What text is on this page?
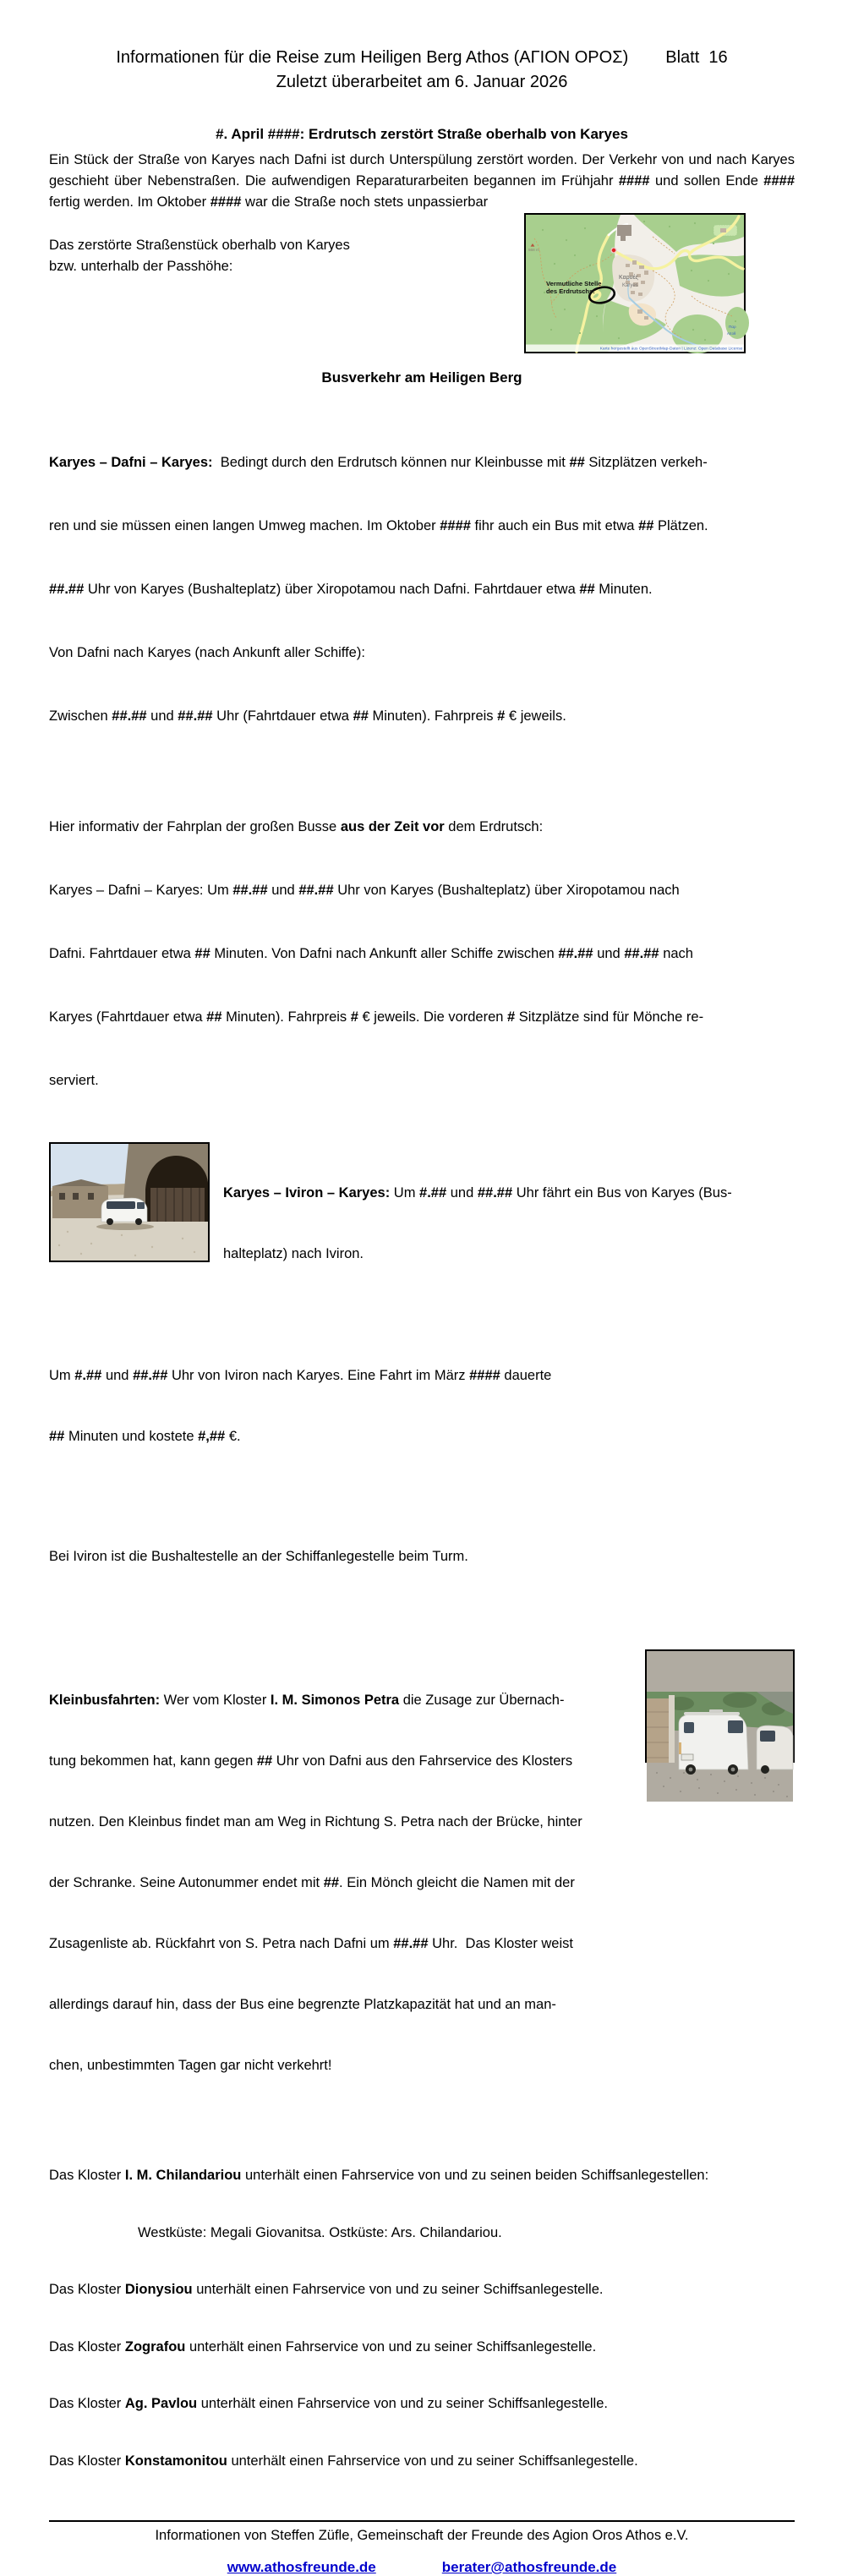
Informationen für die Reise zum Heiligen Berg Athos (ΑΓΙΟΝ ΟΡΟΣ) Blatt  16
Zuletzt überarbeitet am 6. Januar 2026
#. April ####: Erdrutsch zerstört Straße oberhalb von Karyes
Ein Stück der Straße von Karyes nach Dafni ist durch Unterspülung zerstört worden. Der Verkehr von und nach Karyes geschieht über Nebenstraßen. Die aufwendigen Reparaturarbeiten begannen im Frühjahr #### und sollen Ende #### fertig werden. Im Oktober #### war die Straße noch stets unpassierbar
Das zerstörte Straßenstück oberhalb von Karyes
bzw. unterhalb der Passhöhe:
568 m
Vermutliche Stelle
des Erdrutschs:
Καρυές
Karyes
Παρ
Αποθ
Karte hergestellt aus OpenStreetMap-Daten | Lizenz: Open Database License
Busverkehr am Heiligen Berg

Karyes – Dafni – Karyes:  Bedingt durch den Erdrutsch können nur Kleinbusse mit ## Sitzplätzen verkeh-

ren und sie müssen einen langen Umweg machen. Im Oktober #### fihr auch ein Bus mit etwa ## Plätzen.

##.## Uhr von Karyes (Bushalteplatz) über Xiropotamou nach Dafni. Fahrtdauer etwa ## Minuten.

Von Dafni nach Karyes (nach Ankunft aller Schiffe):

Zwischen ##.## und ##.## Uhr (Fahrtdauer etwa ## Minuten). Fahrpreis # € jeweils.

Hier informativ der Fahrplan der großen Busse aus der Zeit vor dem Erdrutsch:

Karyes – Dafni – Karyes: Um ##.## und ##.## Uhr von Karyes (Bushalteplatz) über Xiropotamou nach

Dafni. Fahrtdauer etwa ## Minuten. Von Dafni nach Ankunft aller Schiffe zwischen ##.## und ##.## nach

Karyes (Fahrtdauer etwa ## Minuten). Fahrpreis # € jeweils. Die vorderen # Sitzplätze sind für Mönche re-

serviert.

Karyes – Iviron – Karyes: Um #.## und ##.## Uhr fährt ein Bus von Karyes (Bus-

halteplatz) nach Iviron.

Um #.## und ##.## Uhr von Iviron nach Karyes. Eine Fahrt im März #### dauerte

## Minuten und kostete #,## €.

Bei Iviron ist die Bushaltestelle an der Schiffanlegestelle beim Turm.

Kleinbusfahrten: Wer vom Kloster I. M. Simonos Petra die Zusage zur Übernach-

tung bekommen hat, kann gegen ## Uhr von Dafni aus den Fahrservice des Klosters

nutzen. Den Kleinbus findet man am Weg in Richtung S. Petra nach der Brücke, hinter

der Schranke. Seine Autonummer endet mit ##. Ein Mönch gleicht die Namen mit der

Zusagenliste ab. Rückfahrt von S. Petra nach Dafni um ##.## Uhr.  Das Kloster weist

allerdings darauf hin, dass der Bus eine begrenzte Platzkapazität hat und an man-

chen, unbestimmten Tagen gar nicht verkehrt!

Das Kloster I. M. Chilandariou unterhält einen Fahrservice von und zu seinen beiden Schiffsanlegestellen:

Westküste: Megali Giovanitsa. Ostküste: Ars. Chilandariou.

Das Kloster Dionysiou unterhält einen Fahrservice von und zu seiner Schiffsanlegestelle.

Das Kloster Zografou unterhält einen Fahrservice von und zu seiner Schiffsanlegestelle.

Das Kloster Ag. Pavlou unterhält einen Fahrservice von und zu seiner Schiffsanlegestelle.

Das Kloster Konstamonitou unterhält einen Fahrservice von und zu seiner Schiffsanlegestelle.

Informationen von Steffen Züfle, Gemeinschaft der Freunde des Agion Oros Athos e.V.
www.athosfreunde.de	berater@athosfreunde.de
